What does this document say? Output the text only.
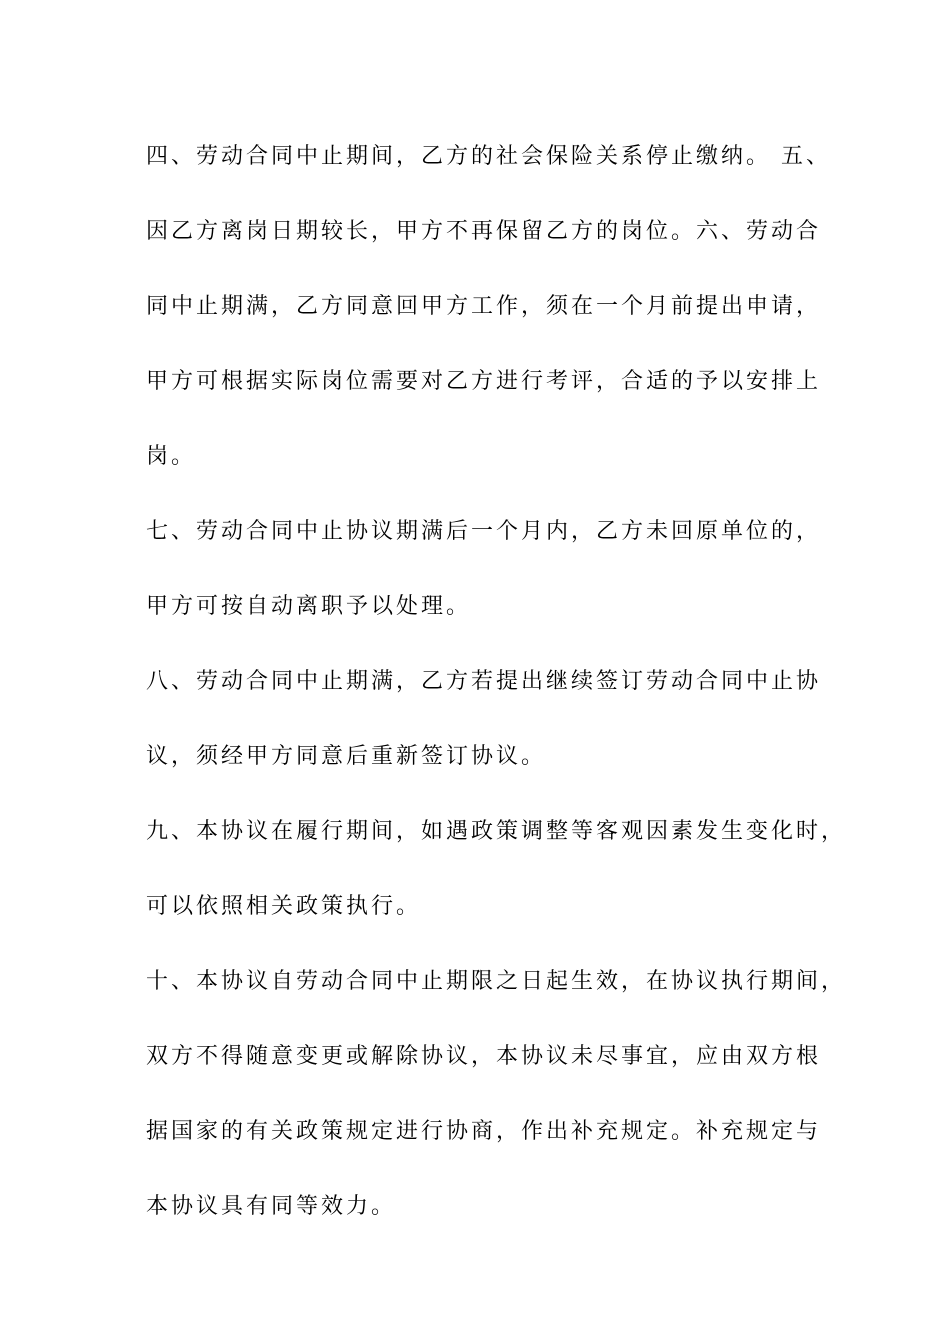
四、劳动合同中止期间，乙方的社会保险关系停止缴纳。 五、
因乙方离岗日期较长，甲方不再保留乙方的岗位。六、劳动合
同中止期满，乙方同意回甲方工作，须在一个月前提出申请，
甲方可根据实际岗位需要对乙方进行考评，合适的予以安排上
岗。
七、劳动合同中止协议期满后一个月内，乙方未回原单位的，
甲方可按自动离职予以处理。
八、劳动合同中止期满，乙方若提出继续签订劳动合同中止协
议，须经甲方同意后重新签订协议。
九、本协议在履行期间，如遇政策调整等客观因素发生变化时，
可以依照相关政策执行。
十、本协议自劳动合同中止期限之日起生效，在协议执行期间，
双方不得随意变更或解除协议，本协议未尽事宜，应由双方根
据国家的有关政策规定进行协商，作出补充规定。补充规定与
本协议具有同等效力。
